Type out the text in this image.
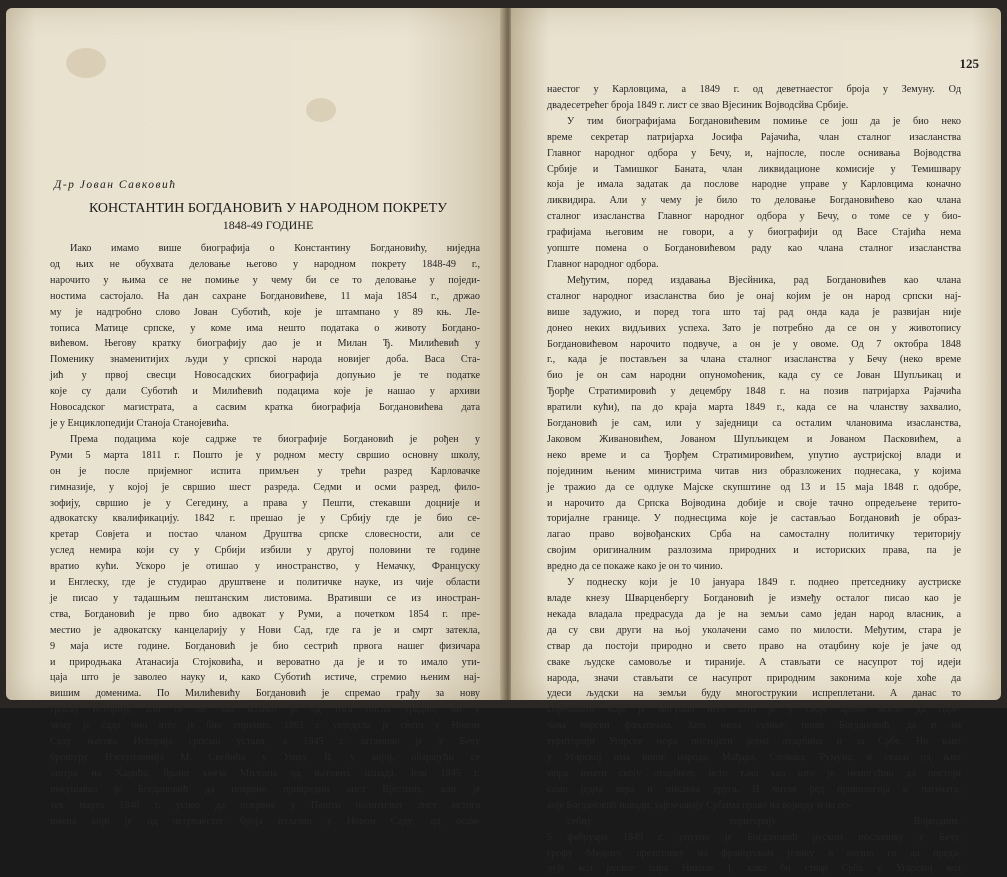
Д-р Јован Савковић
КОНСТАНТИН БОГДАНОВИЋ У НАРОДНОМ ПОКРЕТУ
1848-49 ГОДИНЕ

Иако имамо више биографија о Константину Богдановићу, ниједна

од њих не обухвата деловање његово у народном покрету 1848-49 г.,

нарочито у њима се не помиње у чему би се то деловање у поједи-

ностима састојало. На дан сахране Богдановићеве, 11 маја 1854 г., држао

му је надгробно слово Јован Суботић, које је штампано у 89 књ. Ле-

тописа Матице српске, у коме има нешто података о животу Богдано-

вићевом. Његову кратку биографију дао је и Милан Ђ. Милићевић у

Поменику знаменитијих људи у српскоі народа новијег доба. Васа Ста-

јић у првој свесци Новосадских биографија допуњио је те податке

које су дали Суботић и Милићевић подацима које је нашао у архиви

Новосадског магистрата, а сасвим кратка биографија Богдановићева дата

је у Енциклопедији Станоја Станојевића.

Према подацима које садрже те биографије Богдановић је рођен у

Руми 5 марта 1811 г. Пошто је у родном месту свршио основну школу,

он је после пријемног испита примљен у трећи разред Карловачке

гимназије, у којој је свршио шест разреда. Седми и осми разред, фило-

зофију, свршио је у Сегедину, а права у Пешти, стекавши доцније и

адвокатску квалификацију. 1842 г. прешао је у Србију где је био се-

кретар Совјета и постао чланом Друштва српске словесности, али се

услед немира који су у Србији избили у другој половини те године

вратио кући. Ускоро је отишао у иностранство, у Немачку, Француску

и Енглеску, где је студирао друштвене и политичке науке, из чије области

је писао у тадашњим пештанским листовима. Вративши се из иностран-

ства, Богдановић је прво био адвокат у Руми, а почетком 1854 г. пре-

местио је адвокатску канцеларију у Нови Сад, где га је и смрт затекла,

9 маја исте године. Богдановић је био сестрић првога нашег физичара

и природњака Атанасија Стојковића, и вероватно да је и то имало ути-

цаја што је заволео науку и, како Суботић истиче, стремио њеним нај-

вишим доменима. По Милићевићу Богдановић је спремао грађу за нову

српску историју, али се не зна колико је од тога посла урадио, ни у

чему је сада оно што је био спремио. 1861 г. угледала је света у Новом

Саду његова Историја српскоі устава, а 1845 г. штампао је у Бечу

брошуру Изступленија М. Свейића у Ушку II, у којој, обарајући се

оштро на Хаџића, брани кнеза Милоша од његових напада. Још 1845 г.

покушавао је Богдановић да покрене привредни лист Вјестник, али је

тек марта 1848 г. успео да покрене у Пешти политички лист истога

имена који је од четрнаестог броја излазио у Новом Саду; од осам-

125

наестог у Карловцима, а 1849 г. од деветнаестог броја у Земуну. Од

двадесетрећег броја 1849 г. лист се звао Вјесиник Војводсйва Србије.

У тим биографијама Богдановићевим помиње се још да је био неко

време секретар патријарха Јосифа Рајачића, члан сталног изасланства

Главног народног одбора у Бечу, и, најпосле, после оснивања Војводства

Србије и Тамишког Баната, члан ликвидационе комисије у Темишвару

која је имала задатак да послове народне управе у Карловцима коначно

ликвидира. Али у чему је било то деловање Богдановићево као члана

сталног изасланства Главног народног одбора у Бечу, о томе се у био-

графијама његовим не говори, а у биографији од Васе Стајића нема

уопште помена о Богдановићевом раду као члана сталног изасланства

Главног народног одбора.

Међутим, поред издавања Вјесйника, рад Богдановићев као члана

сталног народног изасланства био је онај којим је он народ српски нај-

више задужио, и поред тога што тај рад онда када је развијан није

донео неких видљивих успеха. Зато је потребно да се он у животопису

Богдановићевом нарочито подвуче, а он је у овоме. Од 7 октобра 1848

г., када је постављен за члана сталног изасланства у Бечу (неко време

био је он сам народни опуномоћеник, када су се Јован Шупљикац и

Ђорђе Стратимировић у децембру 1848 г. на позив патријарха Рајачића

вратили кући), па до краја марта 1849 г., када се на чланству захвалио,

Богдановић је сам, или у заједници са осталим члановима изасланства,

Јаковом Живановићем, Јованом Шупљикцем и Јованом Пасковићем, а

неко време и са Ђорђем Стратимировићем, упутио аустријској влади и

појединим њеним министрима читав низ образложених поднесака, у којима

је тражио да се одлуке Мајске скупштине од 13 и 15 маја 1848 г. одобре,

и нарочито да Српска Војводина добије и своје тачно опредељене терито-

торијалне границе. У поднесцима које је састављао Богдановић је образ-

лагао право војвођанских Срба на самосталну политичку територију

својим оригиналним разлозима природних и историских права, па је

вредно да се покаже како је он то чинио.

У поднеску који је 10 јануара 1849 г. поднео претседнику аустриске

владе кнезу Шварценбергу Богдановић је између осталог писао као је

некада владала предрасуда да је на земљи само један народ власник, а

да су сви други на њој уколачени само по милости. Међутим, стара је

ствар да постоји природно и свето право на отаџбину које је јаче од

сваке људске самовоље и тираније. А стављати се насупрот тој идеји

народа, значи стављати се насупрот природним законима које хоће да

удеси људски на земљи буду многострукии испреплетани. А данас то

спречавати маје је могућно него што је у своје време могло да спре-

чава верски фанатизам. Зато нема сумње, пише Богдановић, да и на

територији Угарске мора постојати једна отаџбина и за Србе. Но како

у Угарској има више народа, Мађара, Словака, Румуна, и сваки од њих

мора имати своју отаџбину, исто тако као што је немогућно да постоји

само једна вера и никаква друга. И читав ред привилегија и патената,

које Богдановић наводи, зајемчавају Србима право на војводу и на по-

себну територију Војводине.

5 фебруара 1849 г. упутио је Богдановић руском посланику у Бечу,

грофу Медему, претставку на француском језику и молио га да преда-

дује код руског цара Николе I, како би ствар Срба у Угарској код
